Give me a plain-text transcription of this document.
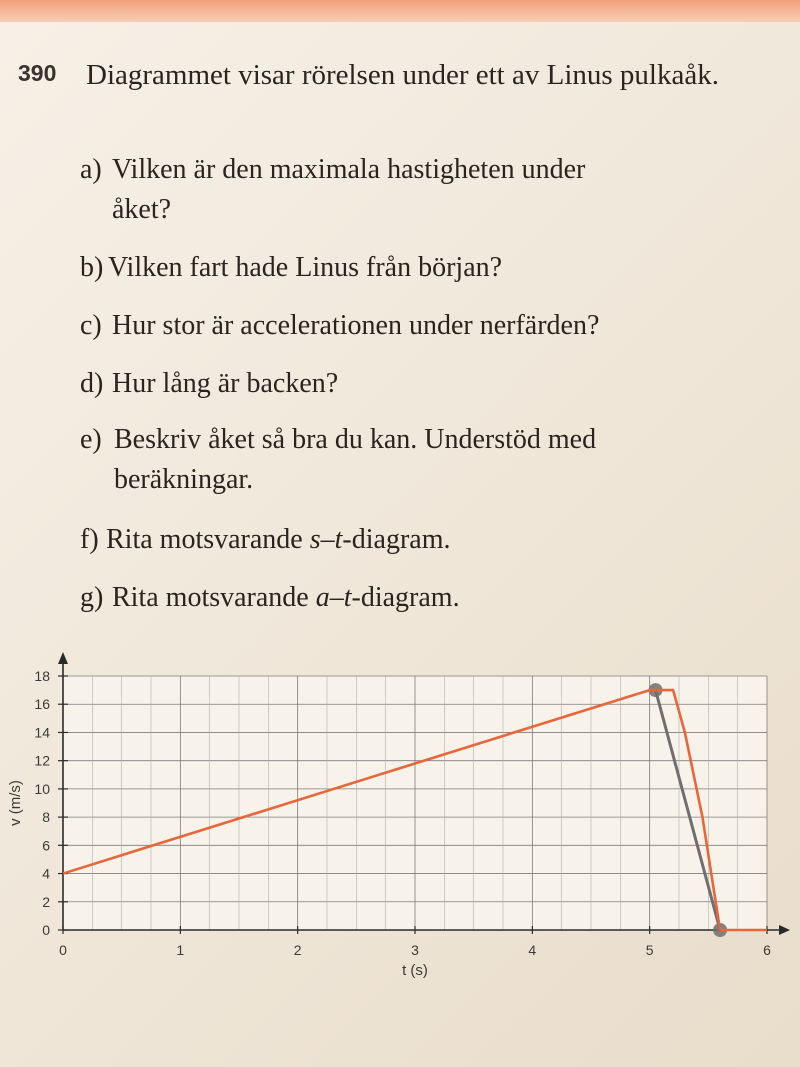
390 Diagrammet visar rörelsen under ett av Linus pulkaåk.
a) Vilken är den maximala hastigheten under
åket?
b) Vilken fart hade Linus från början?
c) Hur stor är accelerationen under nerfärden?
d) Hur lång är backen?
e) Beskriv åket så bra du kan. Understöd med
beräkningar.
f) Rita motsvarande s–t-diagram.
g) Rita motsvarande a–t-diagram.
0
2
4
6
8
10
12
14
16
18
0	1	2	3	4	5	6
t (s)
v (m/s)
